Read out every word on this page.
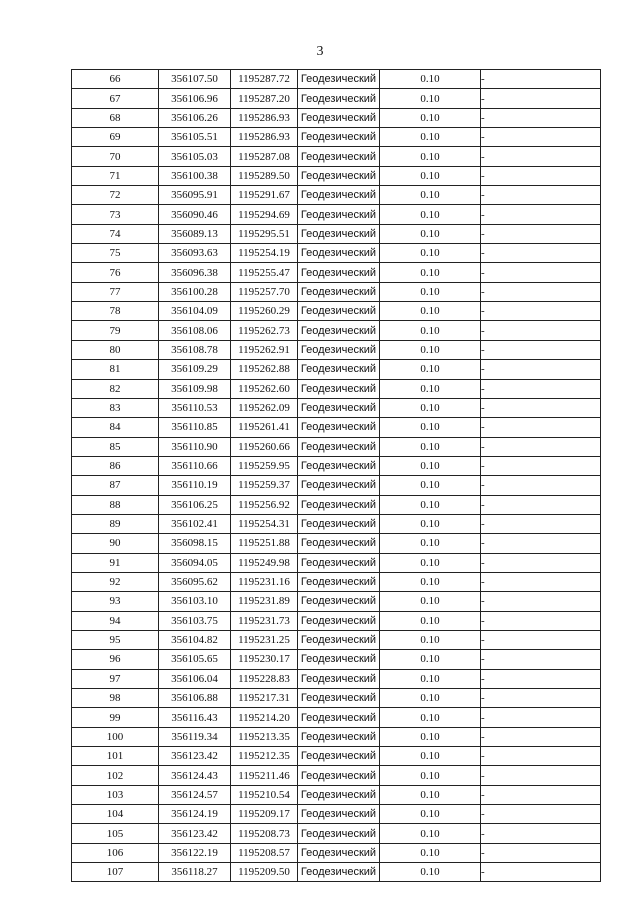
3
66	356107.50	1195287.72	Геодезический	0.10	-
67	356106.96	1195287.20	Геодезический	0.10	-
68	356106.26	1195286.93	Геодезический	0.10	-
69	356105.51	1195286.93	Геодезический	0.10	-
70	356105.03	1195287.08	Геодезический	0.10	-
71	356100.38	1195289.50	Геодезический	0.10	-
72	356095.91	1195291.67	Геодезический	0.10	-
73	356090.46	1195294.69	Геодезический	0.10	-
74	356089.13	1195295.51	Геодезический	0.10	-
75	356093.63	1195254.19	Геодезический	0.10	-
76	356096.38	1195255.47	Геодезический	0.10	-
77	356100.28	1195257.70	Геодезический	0.10	-
78	356104.09	1195260.29	Геодезический	0.10	-
79	356108.06	1195262.73	Геодезический	0.10	-
80	356108.78	1195262.91	Геодезический	0.10	-
81	356109.29	1195262.88	Геодезический	0.10	-
82	356109.98	1195262.60	Геодезический	0.10	-
83	356110.53	1195262.09	Геодезический	0.10	-
84	356110.85	1195261.41	Геодезический	0.10	-
85	356110.90	1195260.66	Геодезический	0.10	-
86	356110.66	1195259.95	Геодезический	0.10	-
87	356110.19	1195259.37	Геодезический	0.10	-
88	356106.25	1195256.92	Геодезический	0.10	-
89	356102.41	1195254.31	Геодезический	0.10	-
90	356098.15	1195251.88	Геодезический	0.10	-
91	356094.05	1195249.98	Геодезический	0.10	-
92	356095.62	1195231.16	Геодезический	0.10	-
93	356103.10	1195231.89	Геодезический	0.10	-
94	356103.75	1195231.73	Геодезический	0.10	-
95	356104.82	1195231.25	Геодезический	0.10	-
96	356105.65	1195230.17	Геодезический	0.10	-
97	356106.04	1195228.83	Геодезический	0.10	-
98	356106.88	1195217.31	Геодезический	0.10	-
99	356116.43	1195214.20	Геодезический	0.10	-
100	356119.34	1195213.35	Геодезический	0.10	-
101	356123.42	1195212.35	Геодезический	0.10	-
102	356124.43	1195211.46	Геодезический	0.10	-
103	356124.57	1195210.54	Геодезический	0.10	-
104	356124.19	1195209.17	Геодезический	0.10	-
105	356123.42	1195208.73	Геодезический	0.10	-
106	356122.19	1195208.57	Геодезический	0.10	-
107	356118.27	1195209.50	Геодезический	0.10	-
